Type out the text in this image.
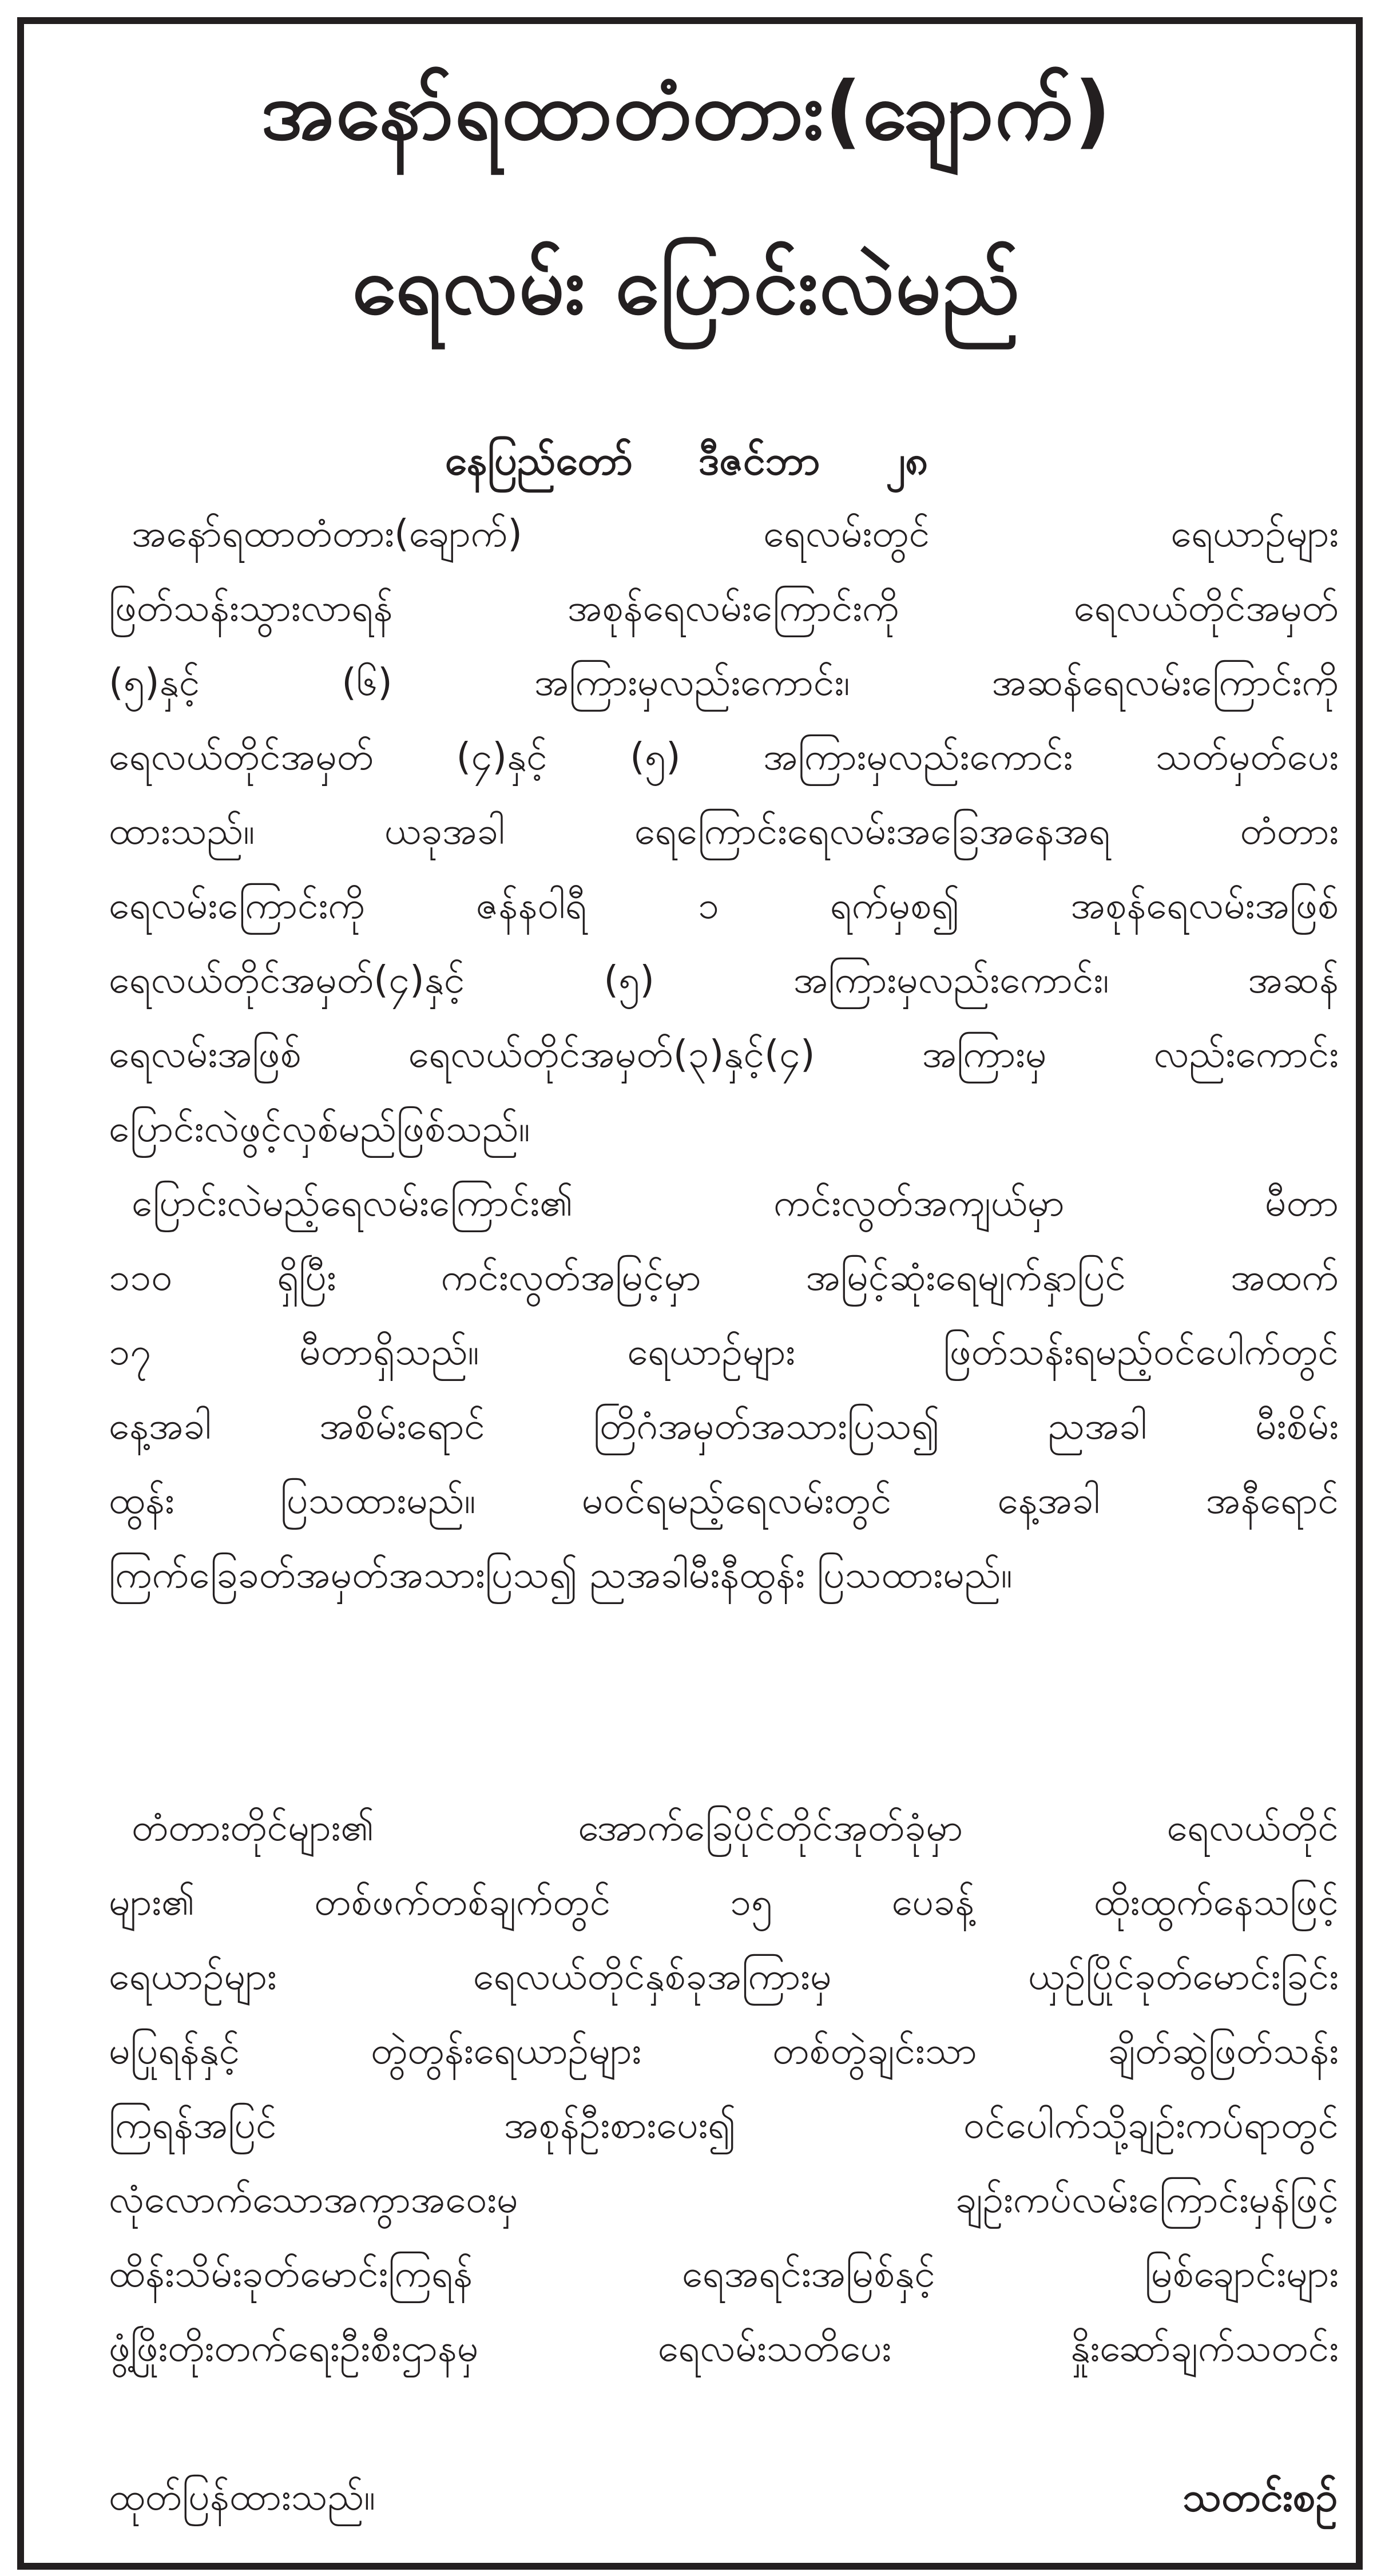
အနော်ရထာတံတား(ချောက်)
ရေလမ်း ပြောင်းလဲမည်
နေပြည်တော် ဒီဇင်ဘာ ၂၈
အနော်ရထာတံတား(ချောက်) ရေလမ်းတွင် ရေယာဉ်များ
ဖြတ်သန်းသွားလာရန် အစုန်ရေလမ်းကြောင်းကို ရေလယ်တိုင်အမှတ်
(၅)နှင့် (၆) အကြားမှလည်းကောင်း၊ အဆန်ရေလမ်းကြောင်းကို
ရေလယ်တိုင်အမှတ် (၄)နှင့် (၅) အကြားမှလည်းကောင်း သတ်မှတ်ပေး
ထားသည်။ ယခုအခါ ရေကြောင်းရေလမ်းအခြေအနေအရ တံတား
ရေလမ်းကြောင်းကို ဇန်နဝါရီ ၁ ရက်မှစ၍ အစုန်ရေလမ်းအဖြစ်
ရေလယ်တိုင်အမှတ်(၄)နှင့် (၅) အကြားမှလည်းကောင်း၊ အဆန်
ရေလမ်းအဖြစ် ရေလယ်တိုင်အမှတ်(၃)နှင့်(၄) အကြားမှ လည်းကောင်း
ပြောင်းလဲဖွင့်လှစ်မည်ဖြစ်သည်။
ပြောင်းလဲမည့်ရေလမ်းကြောင်း၏ ကင်းလွတ်အကျယ်မှာ မီတာ
၁၁၀ ရှိပြီး ကင်းလွတ်အမြင့်မှာ အမြင့်ဆုံးရေမျက်နှာပြင် အထက်
၁၇ မီတာရှိသည်။ ရေယာဉ်များ ဖြတ်သန်းရမည့်ဝင်ပေါက်တွင်
နေ့အခါ အစိမ်းရောင် တြိဂံအမှတ်အသားပြသ၍ ညအခါ မီးစိမ်း
ထွန်း ပြသထားမည်။ မဝင်ရမည့်ရေလမ်းတွင် နေ့အခါ အနီရောင်
ကြက်ခြေခတ်အမှတ်အသားပြသ၍ ညအခါမီးနီထွန်း ပြသထားမည်။
တံတားတိုင်များ၏ အောက်ခြေပိုင်တိုင်အုတ်ခုံမှာ ရေလယ်တိုင်
များ၏ တစ်ဖက်တစ်ချက်တွင် ၁၅ ပေခန့် ထိုးထွက်နေသဖြင့်
ရေယာဉ်များ ရေလယ်တိုင်နှစ်ခုအကြားမှ ယှဉ်ပြိုင်ခုတ်မောင်းခြင်း
မပြုရန်နှင့် တွဲတွန်းရေယာဉ်များ တစ်တွဲချင်းသာ ချိတ်ဆွဲဖြတ်သန်း
ကြရန်အပြင် အစုန်ဦးစားပေး၍ ဝင်ပေါက်သို့ချဉ်းကပ်ရာတွင်
လုံလောက်သောအကွာအဝေးမှ ချဉ်းကပ်လမ်းကြောင်းမှန်ဖြင့်
ထိန်းသိမ်းခုတ်မောင်းကြရန် ရေအရင်းအမြစ်နှင့် မြစ်ချောင်းများ
ဖွံ့ဖြိုးတိုးတက်ရေးဦးစီးဌာနမှ ရေလမ်းသတိပေး နှိုးဆော်ချက်သတင်း
ထုတ်ပြန်ထားသည်။	သတင်းစဉ်
